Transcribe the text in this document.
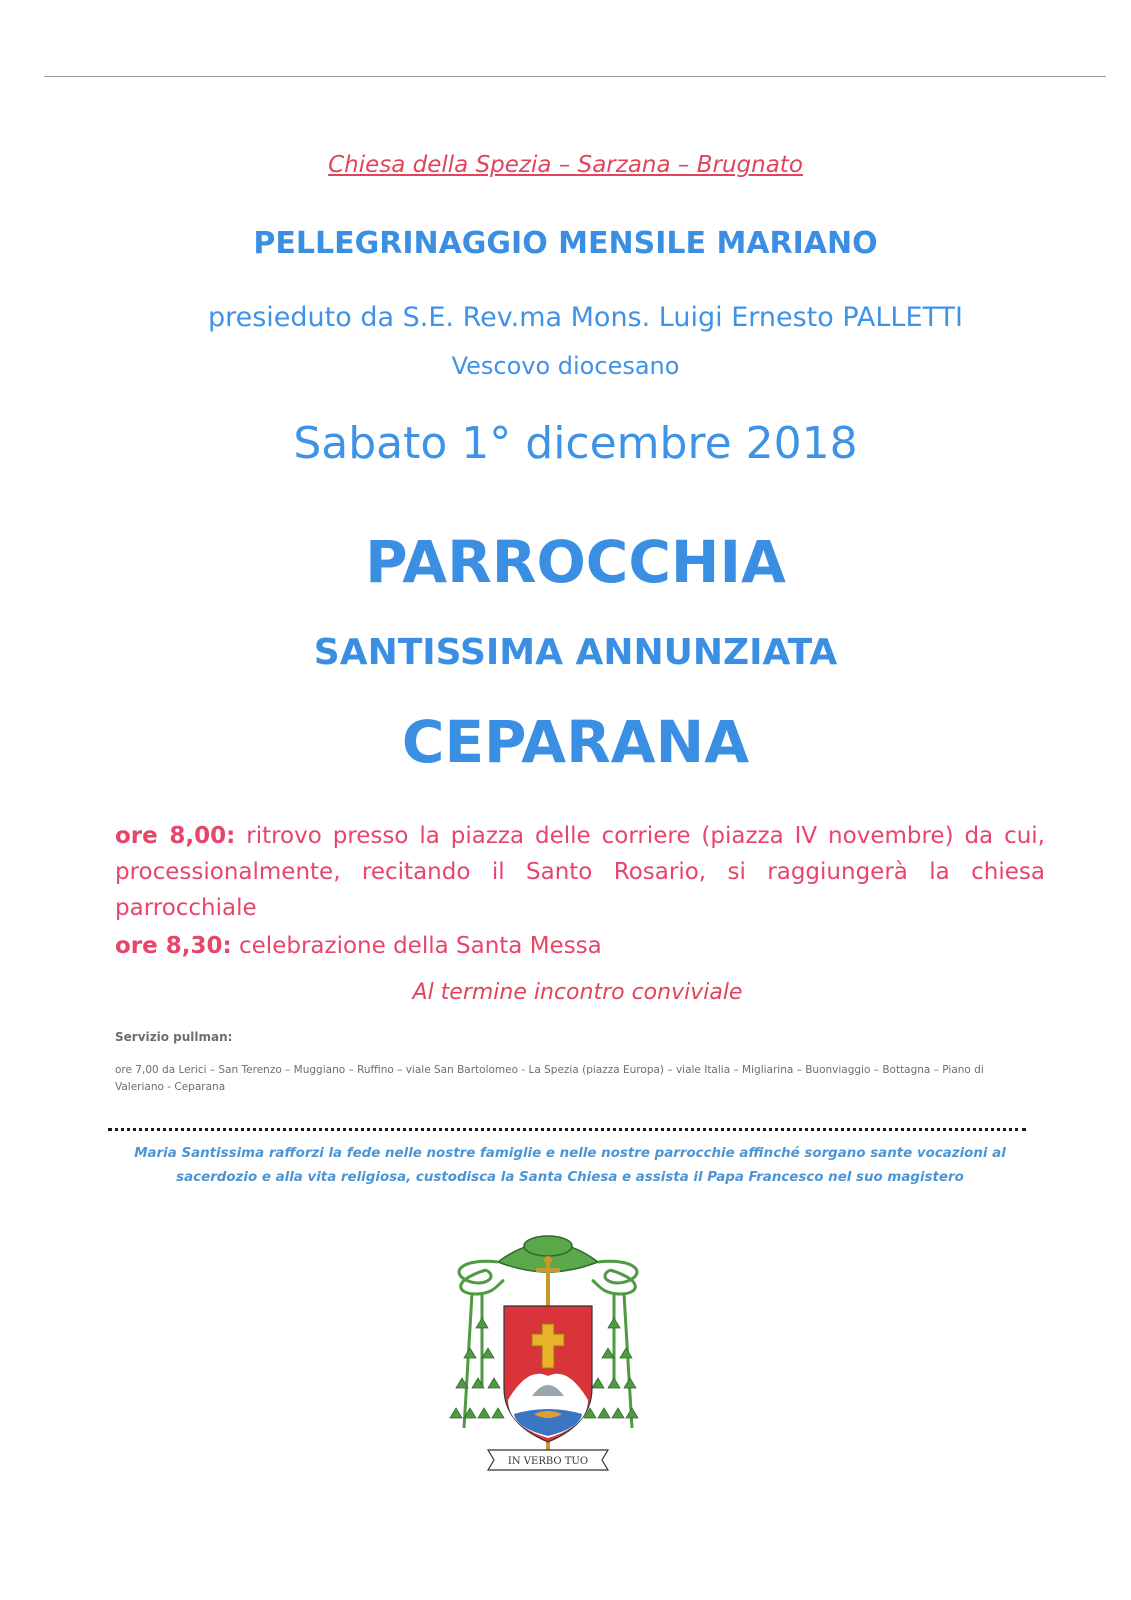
Chiesa della Spezia – Sarzana – Brugnato
PELLEGRINAGGIO MENSILE MARIANO
presieduto da S.E. Rev.ma Mons. Luigi Ernesto PALLETTI
Vescovo diocesano
Sabato 1° dicembre 2018
PARROCCHIA
SANTISSIMA ANNUNZIATA
CEPARANA
ore 8,00: ritrovo presso la piazza delle corriere (piazza IV novembre) da cui, processionalmente, recitando il Santo Rosario, si raggiungerà la chiesa parrocchiale
ore 8,30: celebrazione della Santa Messa
Al termine incontro conviviale
Servizio pullman:
ore 7,00 da Lerici – San Terenzo – Muggiano – Ruffino – viale San Bartolomeo - La Spezia (piazza Europa) – viale Italia – Migliarina – Buonviaggio – Bottagna – Piano di Valeriano - Ceparana
Maria Santissima rafforzi la fede nelle nostre famiglie e nelle nostre parrocchie affinché sorgano sante vocazioni al sacerdozio e alla vita religiosa, custodisca la Santa Chiesa e assista il Papa Francesco nel suo magistero
IN VERBO TUO
